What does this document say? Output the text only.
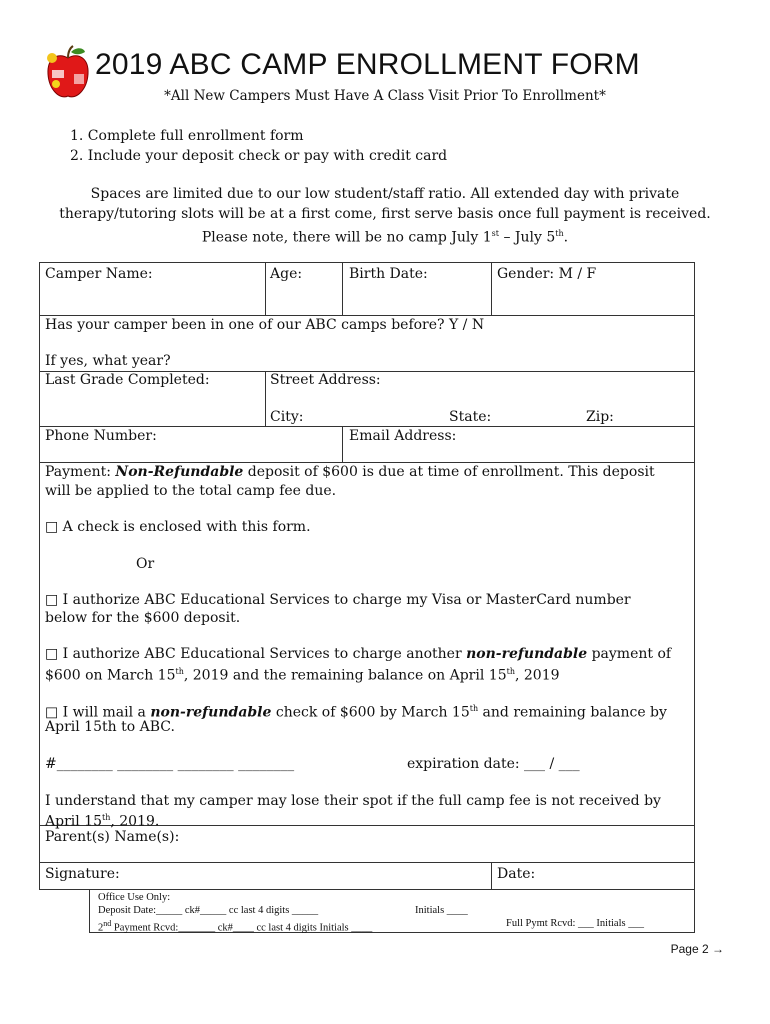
2019 ABC CAMP ENROLLMENT FORM
*All New Campers Must Have A Class Visit Prior To Enrollment*
1. Complete full enrollment form
2. Include your deposit check or pay with credit card
Spaces are limited due to our low student/staff ratio. All extended day with private
therapy/tutoring slots will be at a first come, first serve basis once full payment is received.
Please note, there will be no camp July 1st – July 5th.
Camper Name:	Age:	Birth Date:	Gender: M / F
Has your camper been in one of our ABC camps before? Y / N
If yes, what year?
Last Grade Completed:	Street Address:
City:	State:	Zip:
Phone Number:	Email Address:
Payment: Non-Refundable deposit of $600 is due at time of enrollment. This deposit
will be applied to the total camp fee due.
□ A check is enclosed with this form.
Or
□ I authorize ABC Educational Services to charge my Visa or MasterCard number
below for the $600 deposit.
□ I authorize ABC Educational Services to charge another non-refundable payment of
$600 on March 15th, 2019 and the remaining balance on April 15th, 2019
□ I will mail a non-refundable check of $600 by March 15th and remaining balance by
April 15th to ABC.
#________ ________ ________ ________	expiration date: ___ / ___
I understand that my camper may lose their spot if the full camp fee is not received by
April 15th, 2019.
Parent(s) Name(s):
Signature:	Date:
Office Use Only:
Deposit Date:_____ ck#_____ cc last 4 digits _____	Initials ____
2nd Payment Rcvd:_______ ck#____ cc last 4 digits Initials ____	Full Pymt Rcvd: ___ Initials ___
Page 2 →
